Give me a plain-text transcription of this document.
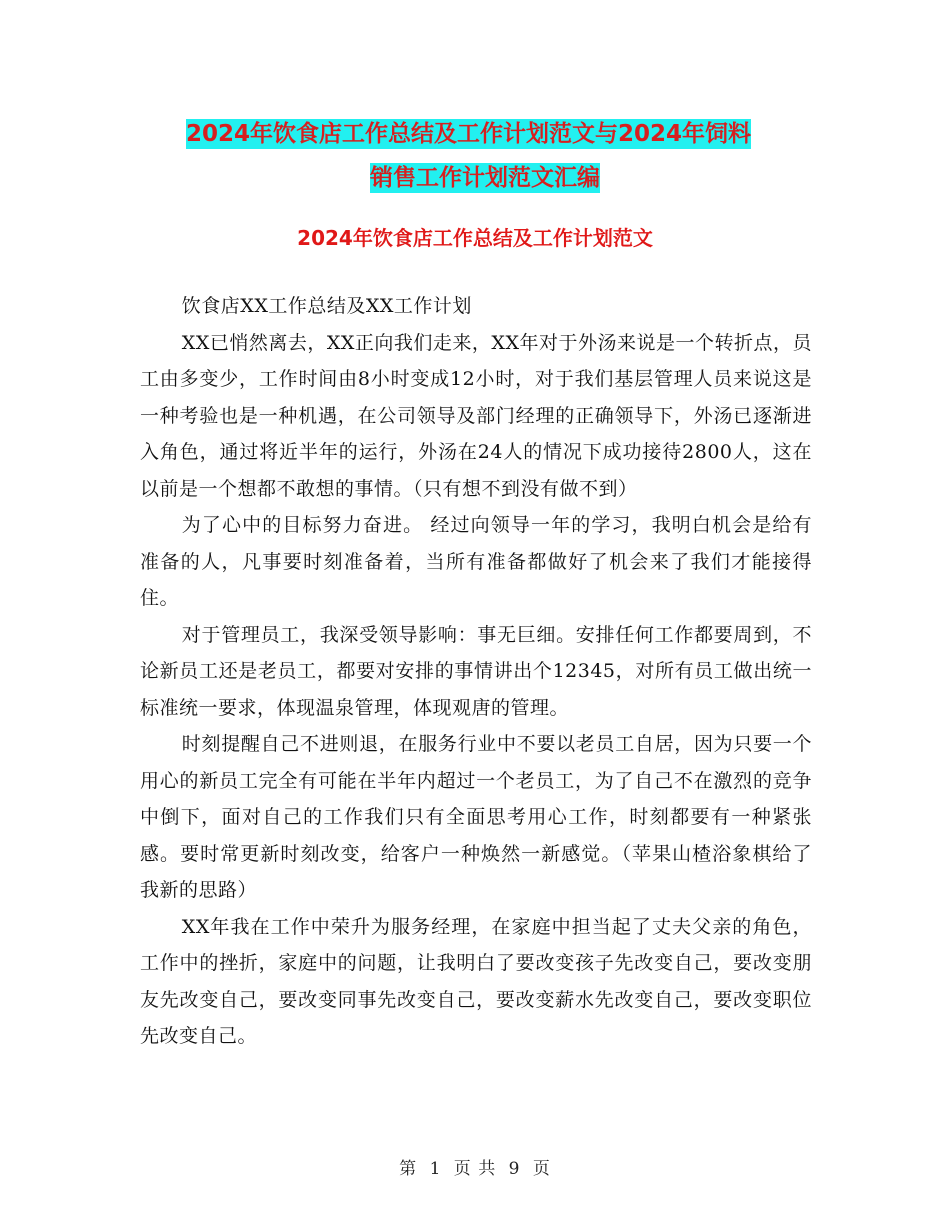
2024年饮食店工作总结及工作计划范文与2024年饲料
销售工作计划范文汇编
2024年饮食店工作总结及工作计划范文

饮食店XX工作总结及XX工作计划

XX已悄然离去，XX正向我们走来，XX年对于外汤来说是一个转折点，员工由多变少，工作时间由8小时变成12小时，对于我们基层管理人员来说这是一种考验也是一种机遇，在公司领导及部门经理的正确领导下，外汤已逐渐进入角色，通过将近半年的运行，外汤在24人的情况下成功接待2800人，这在以前是一个想都不敢想的事情。（只有想不到没有做不到）

为了心中的目标努力奋进。 经过向领导一年的学习，我明白机会是给有准备的人，凡事要时刻准备着，当所有准备都做好了机会来了我们才能接得住。

对于管理员工，我深受领导影响：事无巨细。安排任何工作都要周到，不论新员工还是老员工，都要对安排的事情讲出个12345，对所有员工做出统一标准统一要求，体现温泉管理，体现观唐的管理。

时刻提醒自己不进则退，在服务行业中不要以老员工自居，因为只要一个用心的新员工完全有可能在半年内超过一个老员工，为了自己不在激烈的竞争中倒下，面对自己的工作我们只有全面思考用心工作，时刻都要有一种紧张感。要时常更新时刻改变，给客户一种焕然一新感觉。（苹果山楂浴象棋给了我新的思路）

XX年我在工作中荣升为服务经理，在家庭中担当起了丈夫父亲的角色，工作中的挫折，家庭中的问题，让我明白了要改变孩子先改变自己，要改变朋友先改变自己，要改变同事先改变自己，要改变薪水先改变自己，要改变职位先改变自己。

第 1 页 共 9 页
